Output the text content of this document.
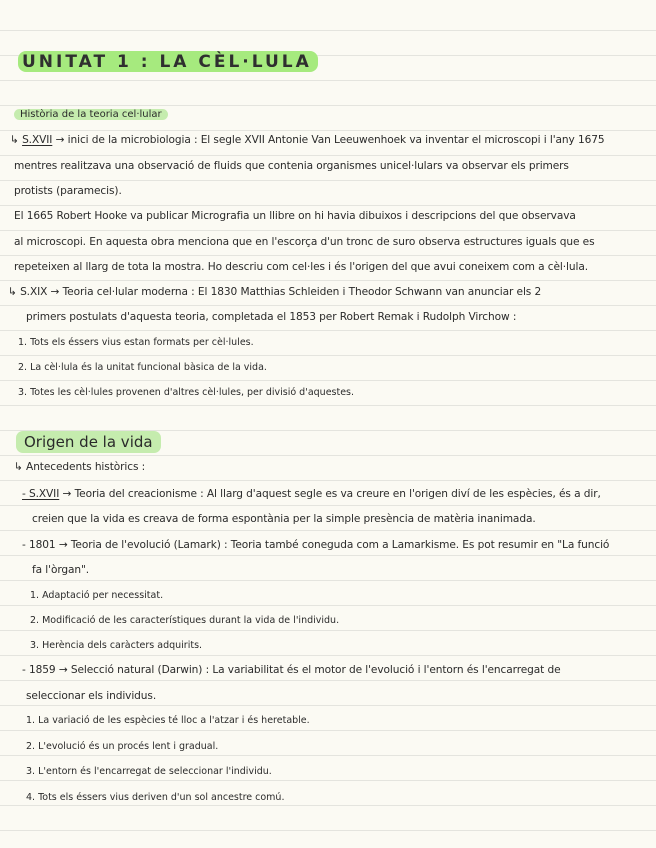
UNITAT 1 : LA CÈL·LULA
Història de la teoria cel·lular
↳ S.XVII → inici de la microbiologia : El segle XVII Antonie Van Leeuwenhoek va inventar el microscopi i l'any 1675
mentres realitzava una observació de fluids que contenia organismes unicel·lulars va observar els primers
protists (paramecis).
El 1665 Robert Hooke va publicar Micrografia un llibre on hi havia dibuixos i descripcions del que observava
al microscopi. En aquesta obra menciona que en l'escorça d'un tronc de suro observa estructures iguals que es
repeteixen al llarg de tota la mostra. Ho descriu com cel·les i és l'origen del que avui coneixem com a cèl·lula.
↳ S.XIX → Teoria cel·lular moderna : El 1830 Matthias Schleiden i Theodor Schwann van anunciar els 2
primers postulats d'aquesta teoria, completada el 1853 per Robert Remak i Rudolph Virchow :
1. Tots els éssers vius estan formats per cèl·lules.
2. La cèl·lula és la unitat funcional bàsica de la vida.
3. Totes les cèl·lules provenen d'altres cèl·lules, per divisió d'aquestes.
Origen de la vida
↳ Antecedents històrics :
- S.XVII → Teoria del creacionisme : Al llarg d'aquest segle es va creure en l'origen diví de les espècies, és a dir,
creien que la vida es creava de forma espontània per la simple presència de matèria inanimada.
- 1801 → Teoria de l'evolució (Lamark) : Teoria també coneguda com a Lamarkisme. Es pot resumir en "La funció
fa l'òrgan".
1. Adaptació per necessitat.
2. Modificació de les característiques durant la vida de l'individu.
3. Herència dels caràcters adquirits.
- 1859 → Selecció natural (Darwin) : La variabilitat és el motor de l'evolució i l'entorn és l'encarregat de
seleccionar els individus.
1. La variació de les espècies té lloc a l'atzar i és heretable.
2. L'evolució és un procés lent i gradual.
3. L'entorn és l'encarregat de seleccionar l'individu.
4. Tots els éssers vius deriven d'un sol ancestre comú.
